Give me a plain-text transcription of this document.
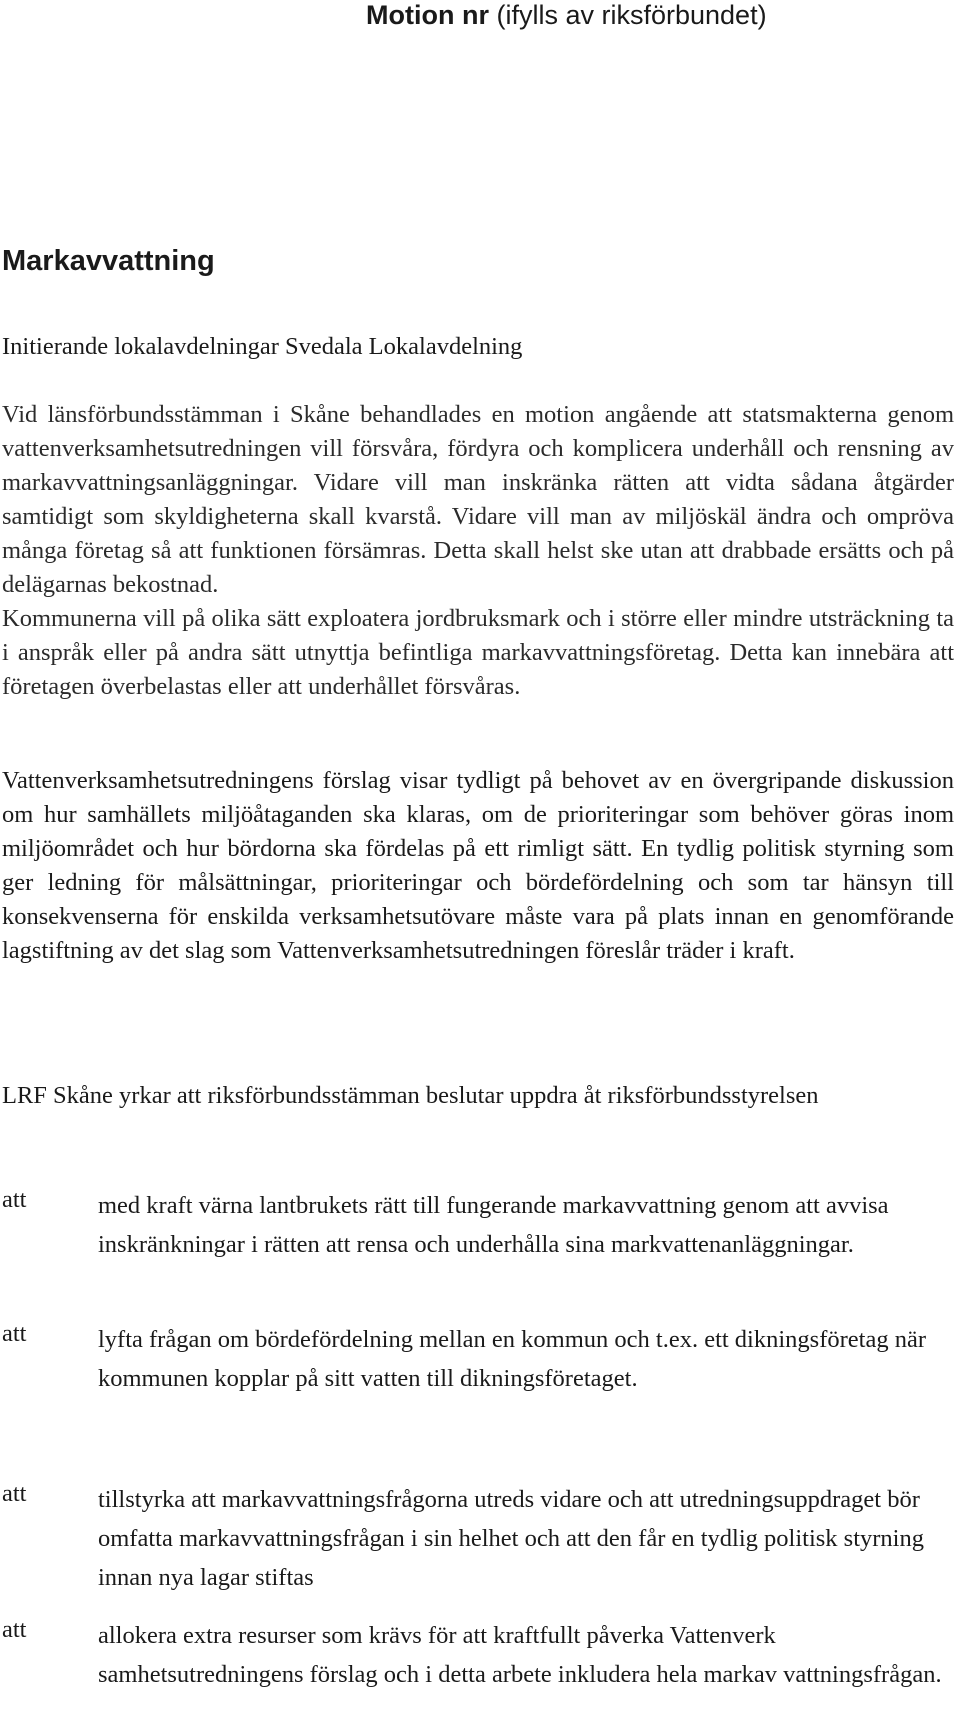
Motion nr (ifylls av riksförbundet)
Markavvattning

Initierande lokalavdelningar Svedala Lokalavdelning

Vid länsförbundsstämman i Skåne behandlades en motion angående att statsmakterna genom vattenverksamhetsutredningen vill försvåra, fördyra och komplicera underhåll och rensning av markavvattningsanläggningar. Vidare vill man inskränka rätten att vidta sådana åtgärder samtidigt som skyldigheterna skall kvarstå. Vidare vill man av miljöskäl ändra och ompröva många företag så att funktionen försämras. Detta skall helst ske utan att drabbade ersätts och på delägarnas bekostnad.
Kommunerna vill på olika sätt exploatera jordbruksmark och i större eller mindre utsträckning ta i anspråk eller på andra sätt utnyttja befintliga markavvattningsföretag. Detta kan innebära att företagen överbelastas eller att underhållet försvåras.

Vattenverksamhetsutredningens förslag visar tydligt på behovet av en övergripande diskussion om hur samhällets miljöåtaganden ska klaras, om de prioriteringar som behöver göras inom miljöområdet och hur bördorna ska fördelas på ett rimligt sätt. En tydlig politisk styrning som ger ledning för målsättningar, prioriteringar och bördefördelning och som tar hänsyn till konsekvenserna för enskilda verksamhetsutövare måste vara på plats innan en genomförande lagstiftning av det slag som Vattenverksamhetsutredningen föreslår träder i kraft.

LRF Skåne yrkar att riksförbundsstämman beslutar uppdra åt riksförbundsstyrelsen

att	med kraft värna lantbrukets rätt till fungerande markavvattning genom att avvisa inskränkningar i rätten att rensa och underhålla sina markvattenanläggningar.

att	lyfta frågan om bördefördelning mellan en kommun och t.ex. ett dikningsföretag när kommunen kopplar på sitt vatten till dikningsföretaget.

att	tillstyrka att markavvattningsfrågorna utreds vidare och att utredningsuppdraget bör omfatta markavvattningsfrågan i sin helhet och att den får en tydlig politisk styrning innan nya lagar stiftas

att	allokera extra resurser som krävs för att kraftfullt påverka Vattenverk samhetsutredningens förslag och i detta arbete inkludera hela markav vattningsfrågan.
